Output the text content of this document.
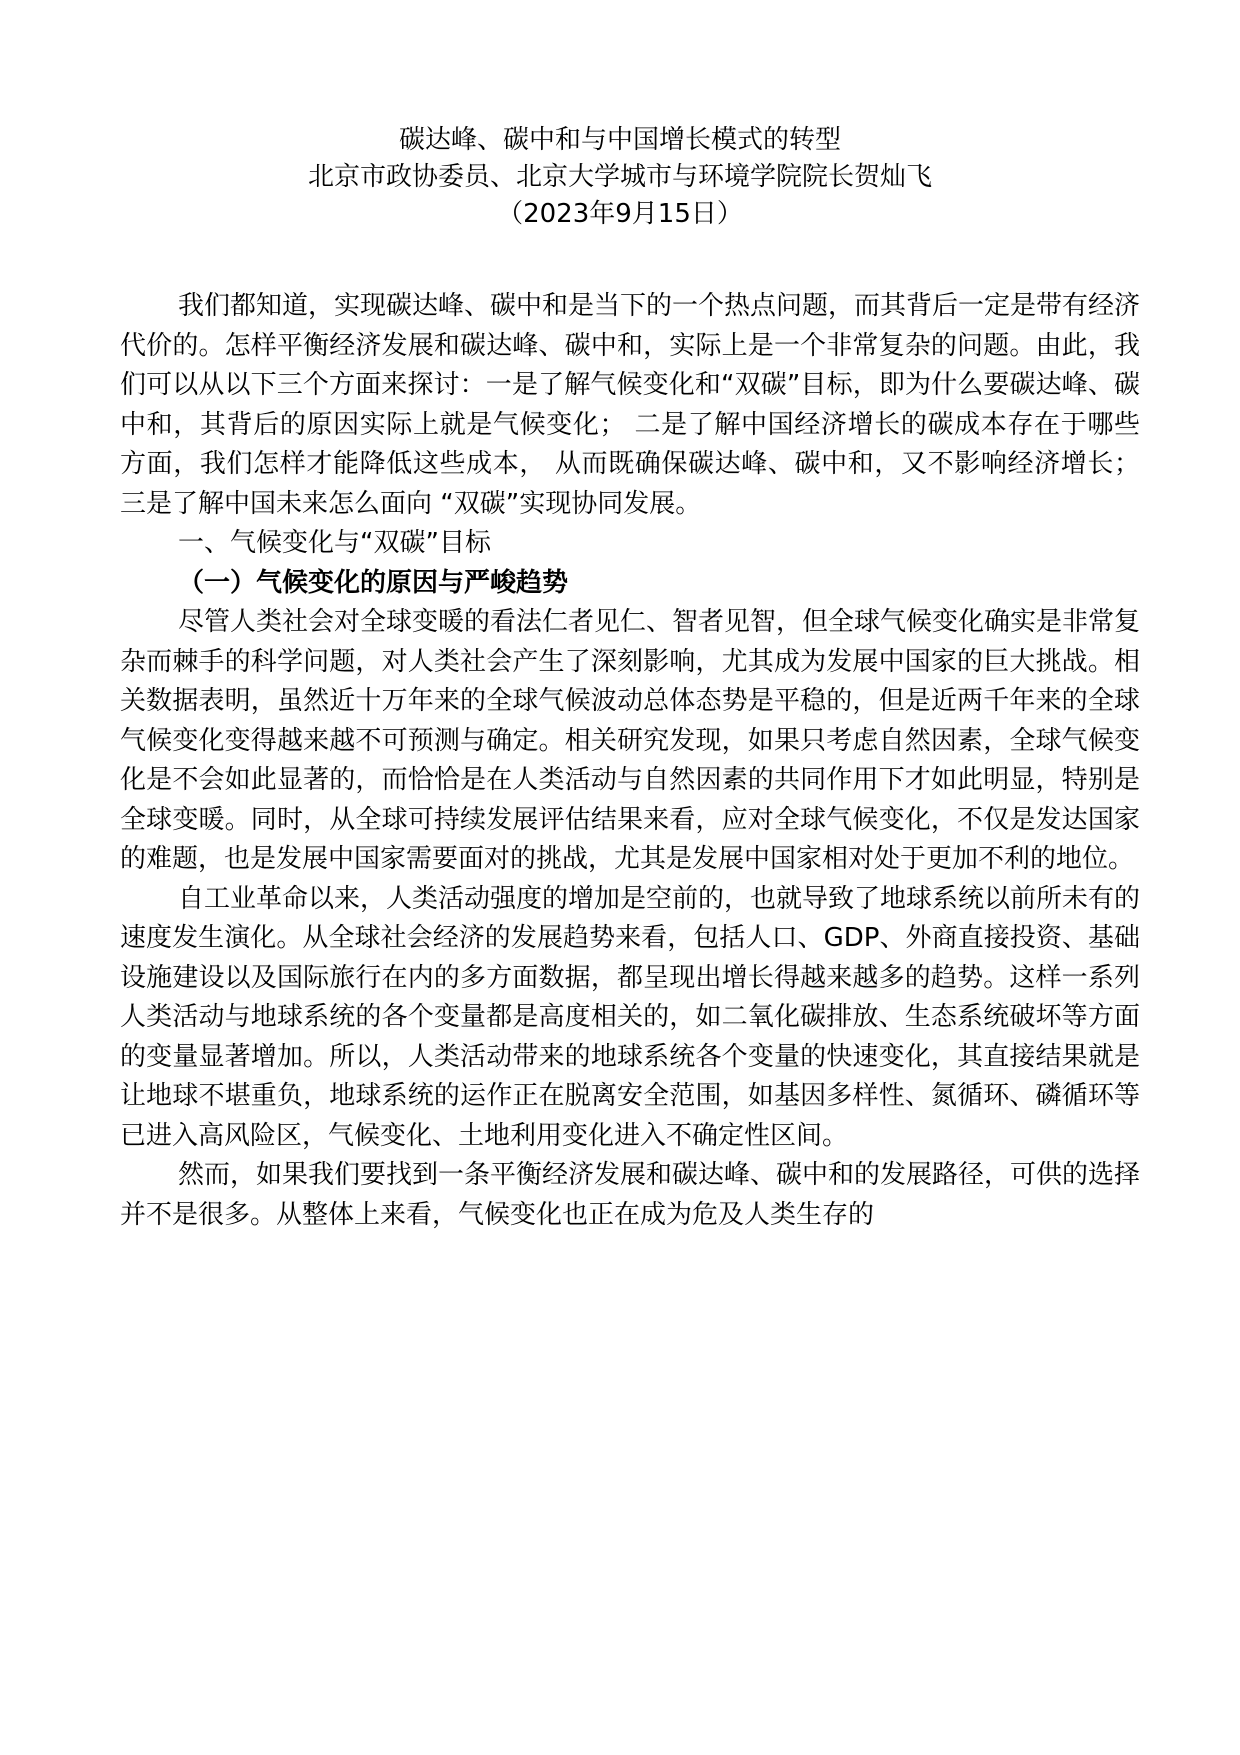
碳达峰、碳中和与中国增长模式的转型
北京市政协委员、北京大学城市与环境学院院长贺灿飞
（2023年9月15日）

我们都知道，实现碳达峰、碳中和是当下的一个热点问题，而其背后一定是带有经济代价的。怎样平衡经济发展和碳达峰、碳中和，实际上是一个非常复杂的问题。由此，我们可以从以下三个方面来探讨：一是了解气候变化和“双碳”目标，即为什么要碳达峰、碳中和，其背后的原因实际上就是气候变化； 二是了解中国经济增长的碳成本存在于哪些方面，我们怎样才能降低这些成本， 从而既确保碳达峰、碳中和，又不影响经济增长；三是了解中国未来怎么面向 “双碳”实现协同发展。

一、气候变化与“双碳”目标

（一）气候变化的原因与严峻趋势

尽管人类社会对全球变暖的看法仁者见仁、智者见智，但全球气候变化确实是非常复杂而棘手的科学问题，对人类社会产生了深刻影响，尤其成为发展中国家的巨大挑战。相关数据表明，虽然近十万年来的全球气候波动总体态势是平稳的，但是近两千年来的全球气候变化变得越来越不可预测与确定。相关研究发现，如果只考虑自然因素，全球气候变化是不会如此显著的，而恰恰是在人类活动与自然因素的共同作用下才如此明显，特别是全球变暖。同时，从全球可持续发展评估结果来看，应对全球气候变化，不仅是发达国家的难题，也是发展中国家需要面对的挑战，尤其是发展中国家相对处于更加不利的地位。

自工业革命以来，人类活动强度的增加是空前的，也就导致了地球系统以前所未有的速度发生演化。从全球社会经济的发展趋势来看，包括人口、GDP、外商直接投资、基础设施建设以及国际旅行在内的多方面数据，都呈现出增长得越来越多的趋势。这样一系列人类活动与地球系统的各个变量都是高度相关的，如二氧化碳排放、生态系统破坏等方面的变量显著增加。所以，人类活动带来的地球系统各个变量的快速变化，其直接结果就是让地球不堪重负，地球系统的运作正在脱离安全范围，如基因多样性、氮循环、磷循环等已进入高风险区，气候变化、土地利用变化进入不确定性区间。

然而，如果我们要找到一条平衡经济发展和碳达峰、碳中和的发展路径，可供的选择并不是很多。从整体上来看，气候变化也正在成为危及人类生存的
